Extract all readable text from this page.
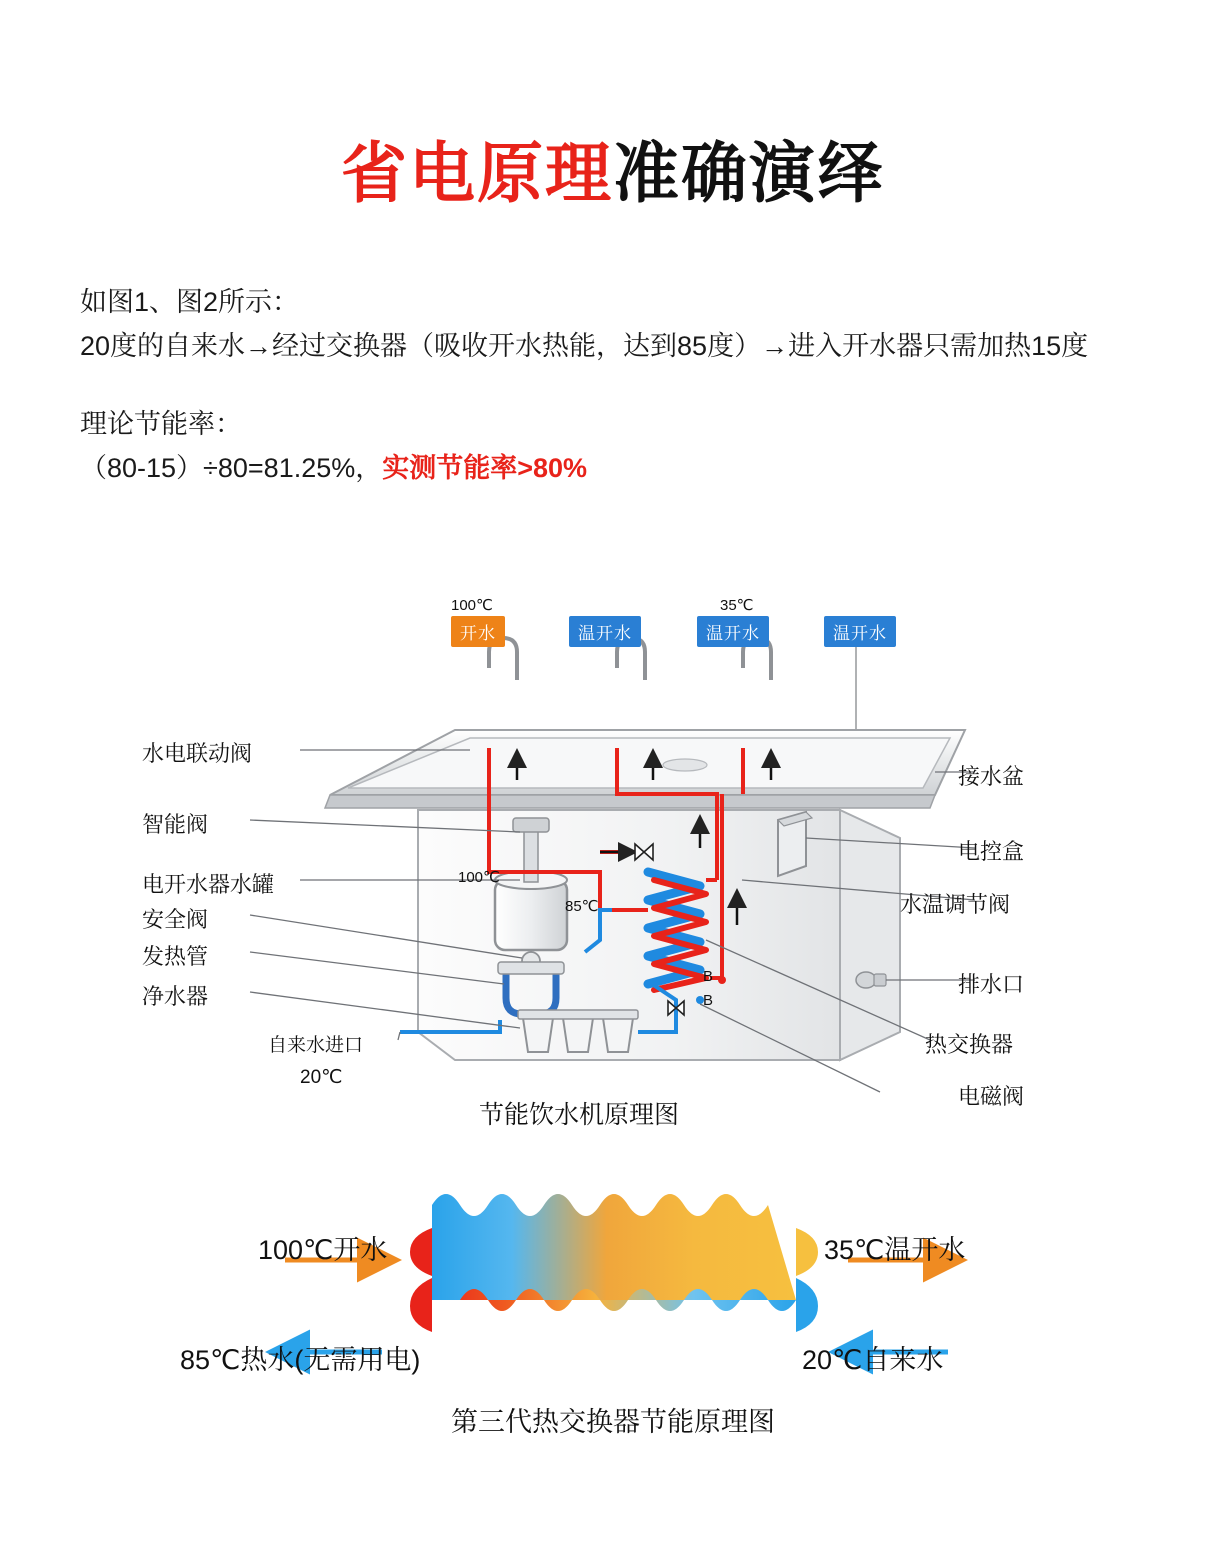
省电原理准确演绎
如图1、图2所示：
20度的自来水→经过交换器（吸收开水热能，达到85度）→进入开水器只需加热15度
理论节能率：
（80-15）÷80=81.25%，实测节能率>80%
100℃
开水	温开水
35℃
温开水	温开水
100℃
85℃
B
B
水电联动阀
智能阀
电开水器水罐
安全阀
发热管
净水器
自来水进口
20℃
接水盆
电控盒
水温调节阀
排水口
热交换器
电磁阀
节能饮水机原理图
100℃开水	35℃温开水
85℃热水(无需用电)	20℃自来水
第三代热交换器节能原理图
